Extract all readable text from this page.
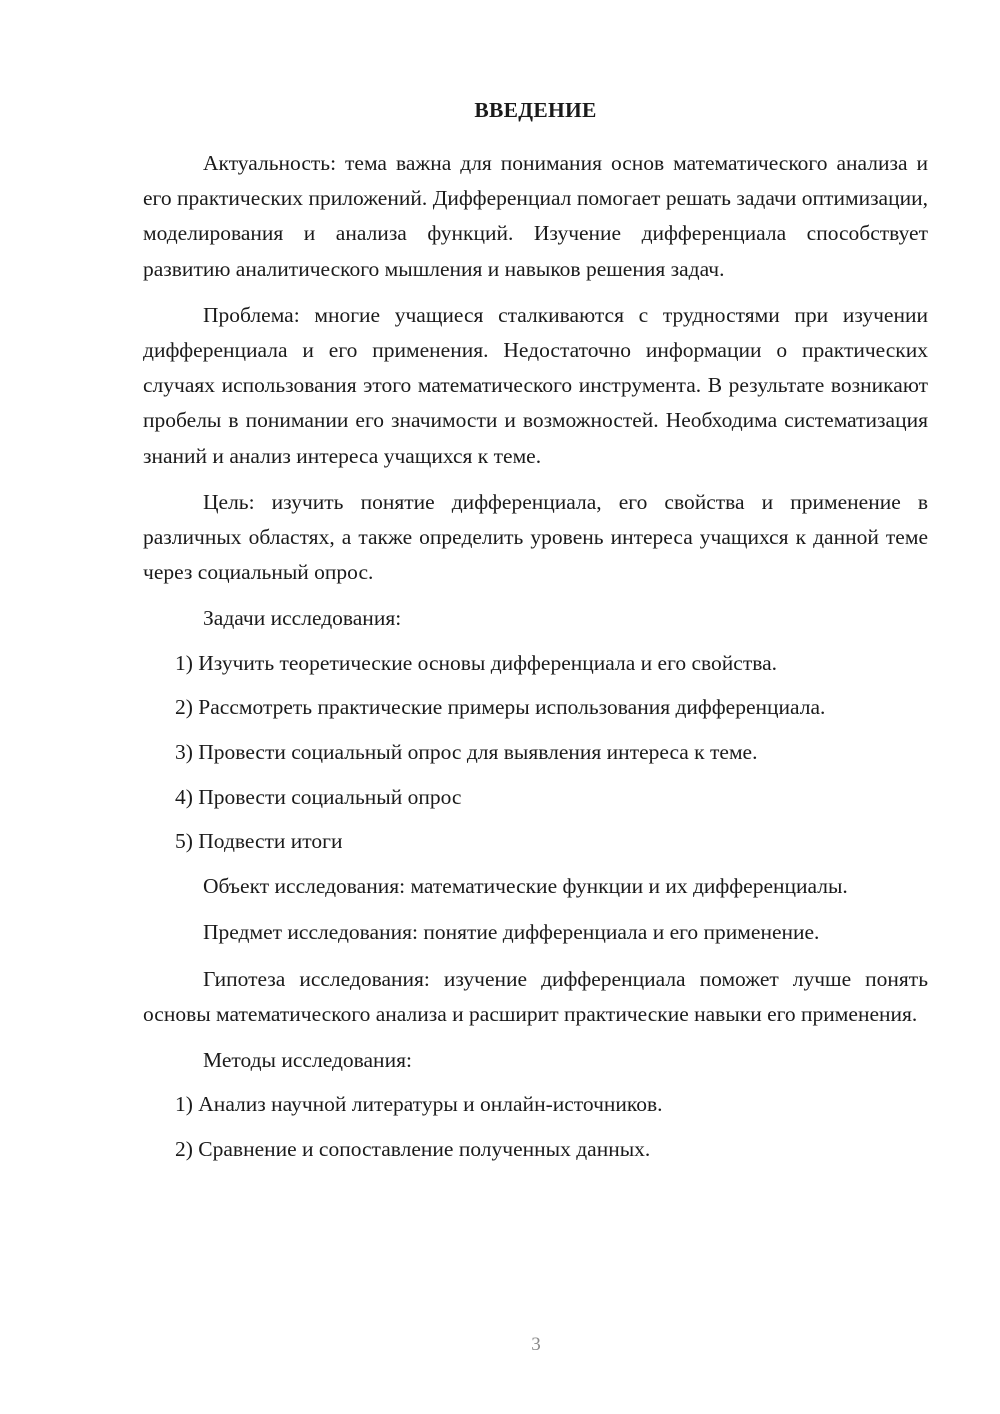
ВВЕДЕНИЕ

Актуальность: тема важна для понимания основ математического анализа и его практических приложений. Дифференциал помогает решать задачи оптимизации, моделирования и анализа функций. Изучение дифференциала способствует развитию аналитического мышления и навыков решения задач.

Проблема: многие учащиеся сталкиваются с трудностями при изучении дифференциала и его применения. Недостаточно информации о практических случаях использования этого математического инструмента. В результате возникают пробелы в понимании его значимости и возможностей. Необходима систематизация знаний и анализ интереса учащихся к теме.

Цель: изучить понятие дифференциала, его свойства и применение в различных областях, а также определить уровень интереса учащихся к данной теме через социальный опрос.

Задачи исследования:
1) Изучить теоретические основы дифференциала и его свойства.
2) Рассмотреть практические примеры использования дифференциала.
3) Провести социальный опрос для выявления интереса к теме.
4) Провести социальный опрос
5) Подвести итоги

Объект исследования: математические функции и их дифференциалы.

Предмет исследования: понятие дифференциала и его применение.

Гипотеза исследования: изучение дифференциала поможет лучше понять основы математического анализа и расширит практические навыки его применения.

Методы исследования:
1) Анализ научной литературы и онлайн-источников.
2) Сравнение и сопоставление полученных данных.
3
